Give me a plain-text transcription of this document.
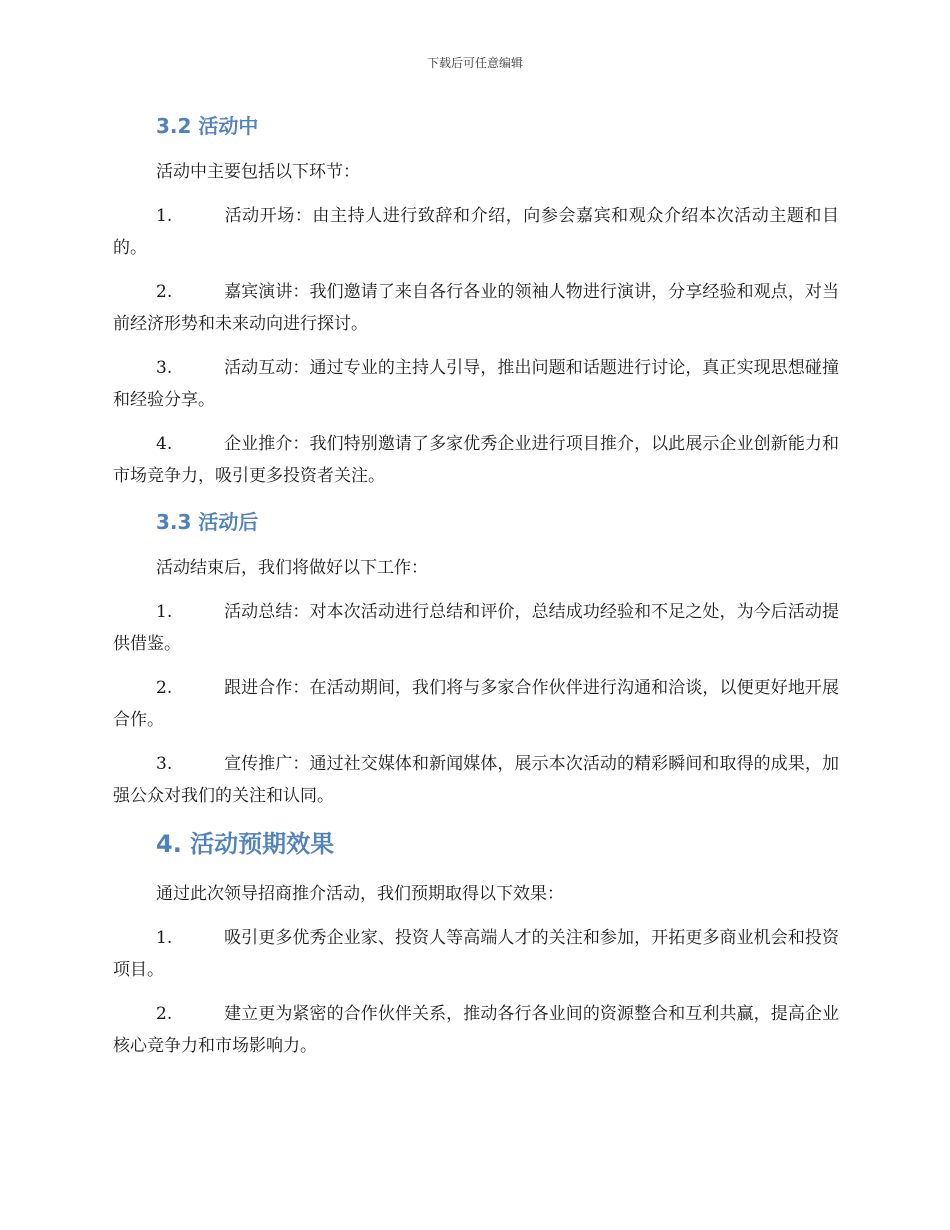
下载后可任意编辑
3.2 活动中

活动中主要包括以下环节：

1.	活动开场：由主持人进行致辞和介绍，向参会嘉宾和观众介绍本次活动主题和目的。

2.	嘉宾演讲：我们邀请了来自各行各业的领袖人物进行演讲，分享经验和观点，对当前经济形势和未来动向进行探讨。

3.	活动互动：通过专业的主持人引导，推出问题和话题进行讨论，真正实现思想碰撞和经验分享。

4.	企业推介：我们特别邀请了多家优秀企业进行项目推介，以此展示企业创新能力和市场竞争力，吸引更多投资者关注。

3.3 活动后

活动结束后，我们将做好以下工作：

1.	活动总结：对本次活动进行总结和评价，总结成功经验和不足之处，为今后活动提供借鉴。

2.	跟进合作：在活动期间，我们将与多家合作伙伴进行沟通和洽谈，以便更好地开展合作。

3.	宣传推广：通过社交媒体和新闻媒体，展示本次活动的精彩瞬间和取得的成果，加强公众对我们的关注和认同。

4. 活动预期效果

通过此次领导招商推介活动，我们预期取得以下效果：

1.	吸引更多优秀企业家、投资人等高端人才的关注和参加，开拓更多商业机会和投资项目。

2.	建立更为紧密的合作伙伴关系，推动各行各业间的资源整合和互利共赢，提高企业核心竞争力和市场影响力。
